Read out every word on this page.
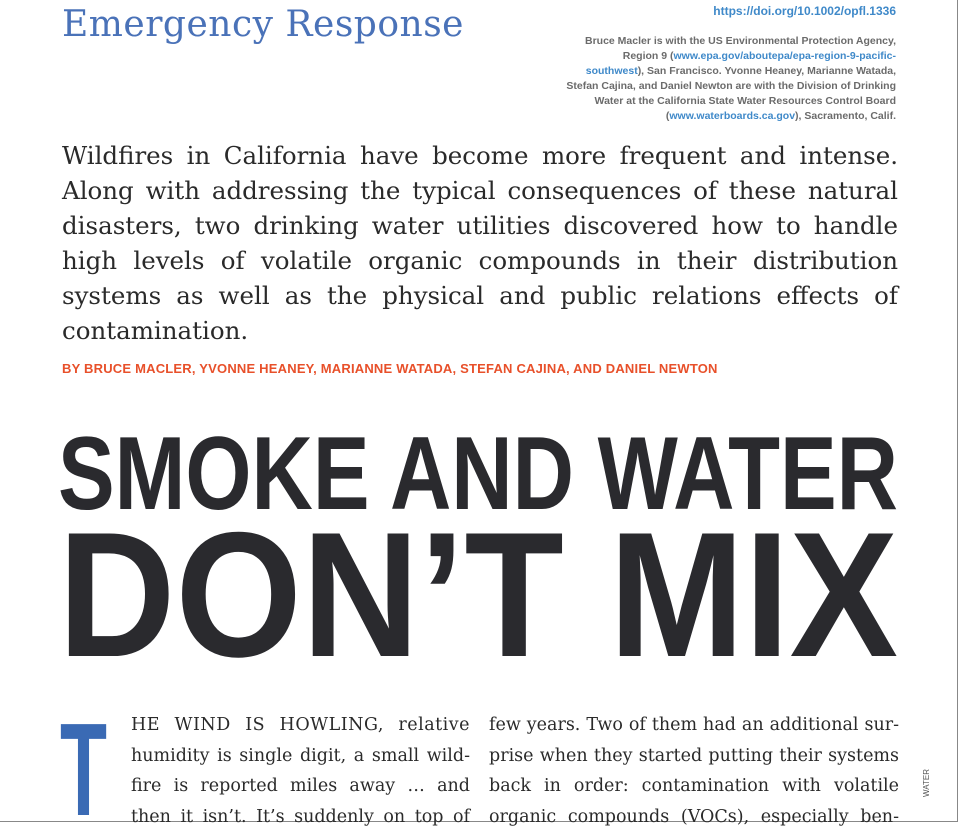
Emergency Response	https://doi.org/10.1002/opfl.1336
Bruce Macler is with the US Environmental Protection Agency, Region 9 (www.epa.gov/aboutepa/epa-region-9-pacific-southwest), San Francisco. Yvonne Heaney, Marianne Watada, Stefan Cajina, and Daniel Newton are with the Division of Drinking Water at the California State Water Resources Control Board (www.waterboards.ca.gov), Sacramento, Calif.
Wildfires in California have become more frequent and intense. Along with addressing the typical consequences of these natural disasters, two drinking water utilities discovered how to handle high levels of volatile organic compounds in their distribution systems as well as the physical and public relations effects of contamination.
BY BRUCE MACLER, YVONNE HEANEY, MARIANNE WATADA, STEFAN CAJINA, AND DANIEL NEWTON
SMOKE AND WATER
DON’T MIX
T HE WIND IS HOWLING, relative
humidity is single digit, a small wild-
fire is reported miles away … and
then it isn’t. It’s suddenly on top of
few years. Two of them had an additional sur-
prise when they started putting their systems
back in order: contamination with volatile
organic compounds (VOCs), especially ben-
WATER
